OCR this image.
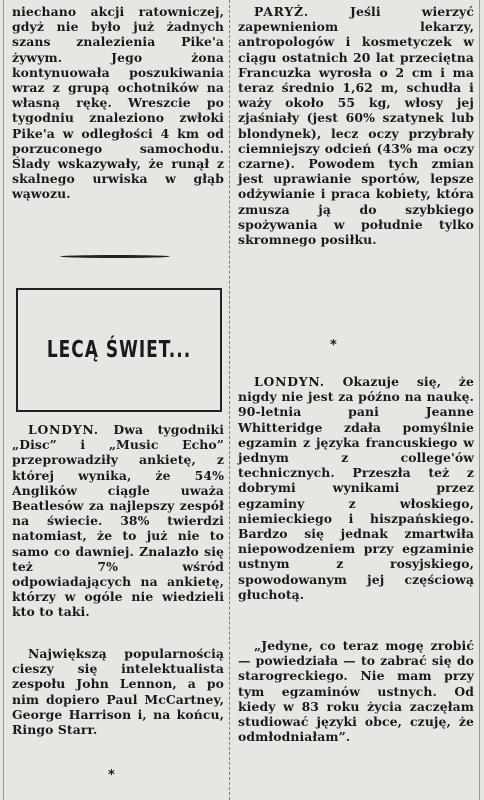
niechano akcji ratowniczej, gdyż nie było już żadnych szans znalezienia Pike'a żywym. Jego żona kontynuowała poszukiwania wraz z grupą ochotników na własną rękę. Wreszcie po tygodniu znaleziono zwłoki Pike'a w odległości 4 km od porzuconego samochodu. Ślady wskazywały, że runął z skalnego urwiska w głąb wąwozu.

LECĄ ŚWIET...

LONDYN. Dwa tygodniki „Disc” i „Music Echo” przeprowadziły ankietę, z której wynika, że 54% Anglików ciągle uważa Beatlesów za najlepszy zespół na świecie. 38% twierdzi natomiast, że to już nie to samo co dawniej. Znalazło się też 7% wśród odpowiadających na ankietę, którzy w ogóle nie wiedzieli kto to taki.

Największą popularnością cieszy się intelektualista zespołu John Lennon, a po nim dopiero Paul McCartney, George Harrison i, na końcu, Ringo Starr.

*

PARYŻ.	Jeśli wierzyć zapewnieniom lekarzy, antropologów i kosmetyczek w ciągu ostatnich 20 lat przeciętna Francuzka wyrosła o 2 cm i ma teraz średnio 1,62 m, schudła i waży około 55 kg, włosy jej zjaśniały (jest 60% szatynek lub blondynek), lecz oczy przybrały ciemniejszy odcień (43% ma oczy czarne). Powodem tych zmian jest uprawianie sportów, lepsze odżywianie i praca kobiety, która zmusza ją do szybkiego spożywania w południe tylko skromnego posiłku.

*

LONDYN. Okazuje się, że nigdy nie jest za późno na naukę. 90-letnia pani Jeanne Whitteridge zdała pomyślnie egzamin z języka francuskiego w jednym z college'ów technicznych. Przeszła też z dobrymi wynikami przez egzaminy z włoskiego, niemieckiego i hiszpańskiego. Bardzo się jednak zmartwiła niepowodzeniem przy egzaminie ustnym z rosyjskiego, spowodowanym jej częściową głuchotą.

„Jedyne, co teraz mogę zrobić — powiedziała — to zabrać się do starogreckiego. Nie mam przy tym egzaminów ustnych. Od kiedy w 83 roku życia zaczęłam studiować języki obce, czuję, że odmłodniałam”.
